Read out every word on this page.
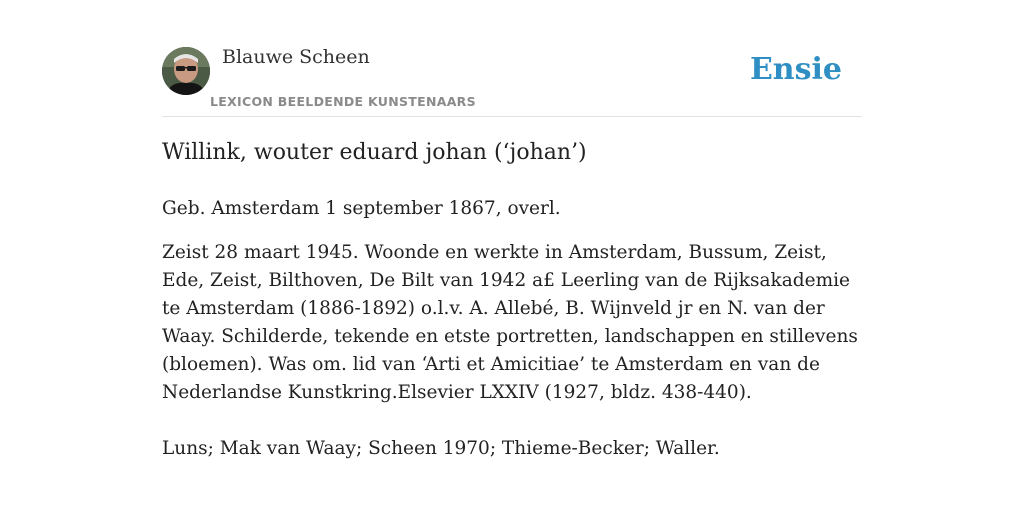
Blauwe Scheen
LEXICON BEELDENDE KUNSTENAARS
Ensie
Willink, wouter eduard johan (‘johan’)

Geb. Amsterdam 1 september 1867, overl.

Zeist 28 maart 1945. Woonde en werkte in Amsterdam, Bussum, Zeist, Ede, Zeist, Bilthoven, De Bilt van 1942 a£ Leerling van de Rijksakademie te Amsterdam (1886-1892) o.l.v. A. Allebé, B. Wijnveld jr en N. van der Waay. Schilderde, tekende en etste portretten, landschappen en stillevens (bloemen). Was om. lid van ‘Arti et Amicitiae’ te Amsterdam en van de Nederlandse Kunstkring.Elsevier LXXIV (1927, bldz. 438-440).

Luns; Mak van Waay; Scheen 1970; Thieme-Becker; Waller.
